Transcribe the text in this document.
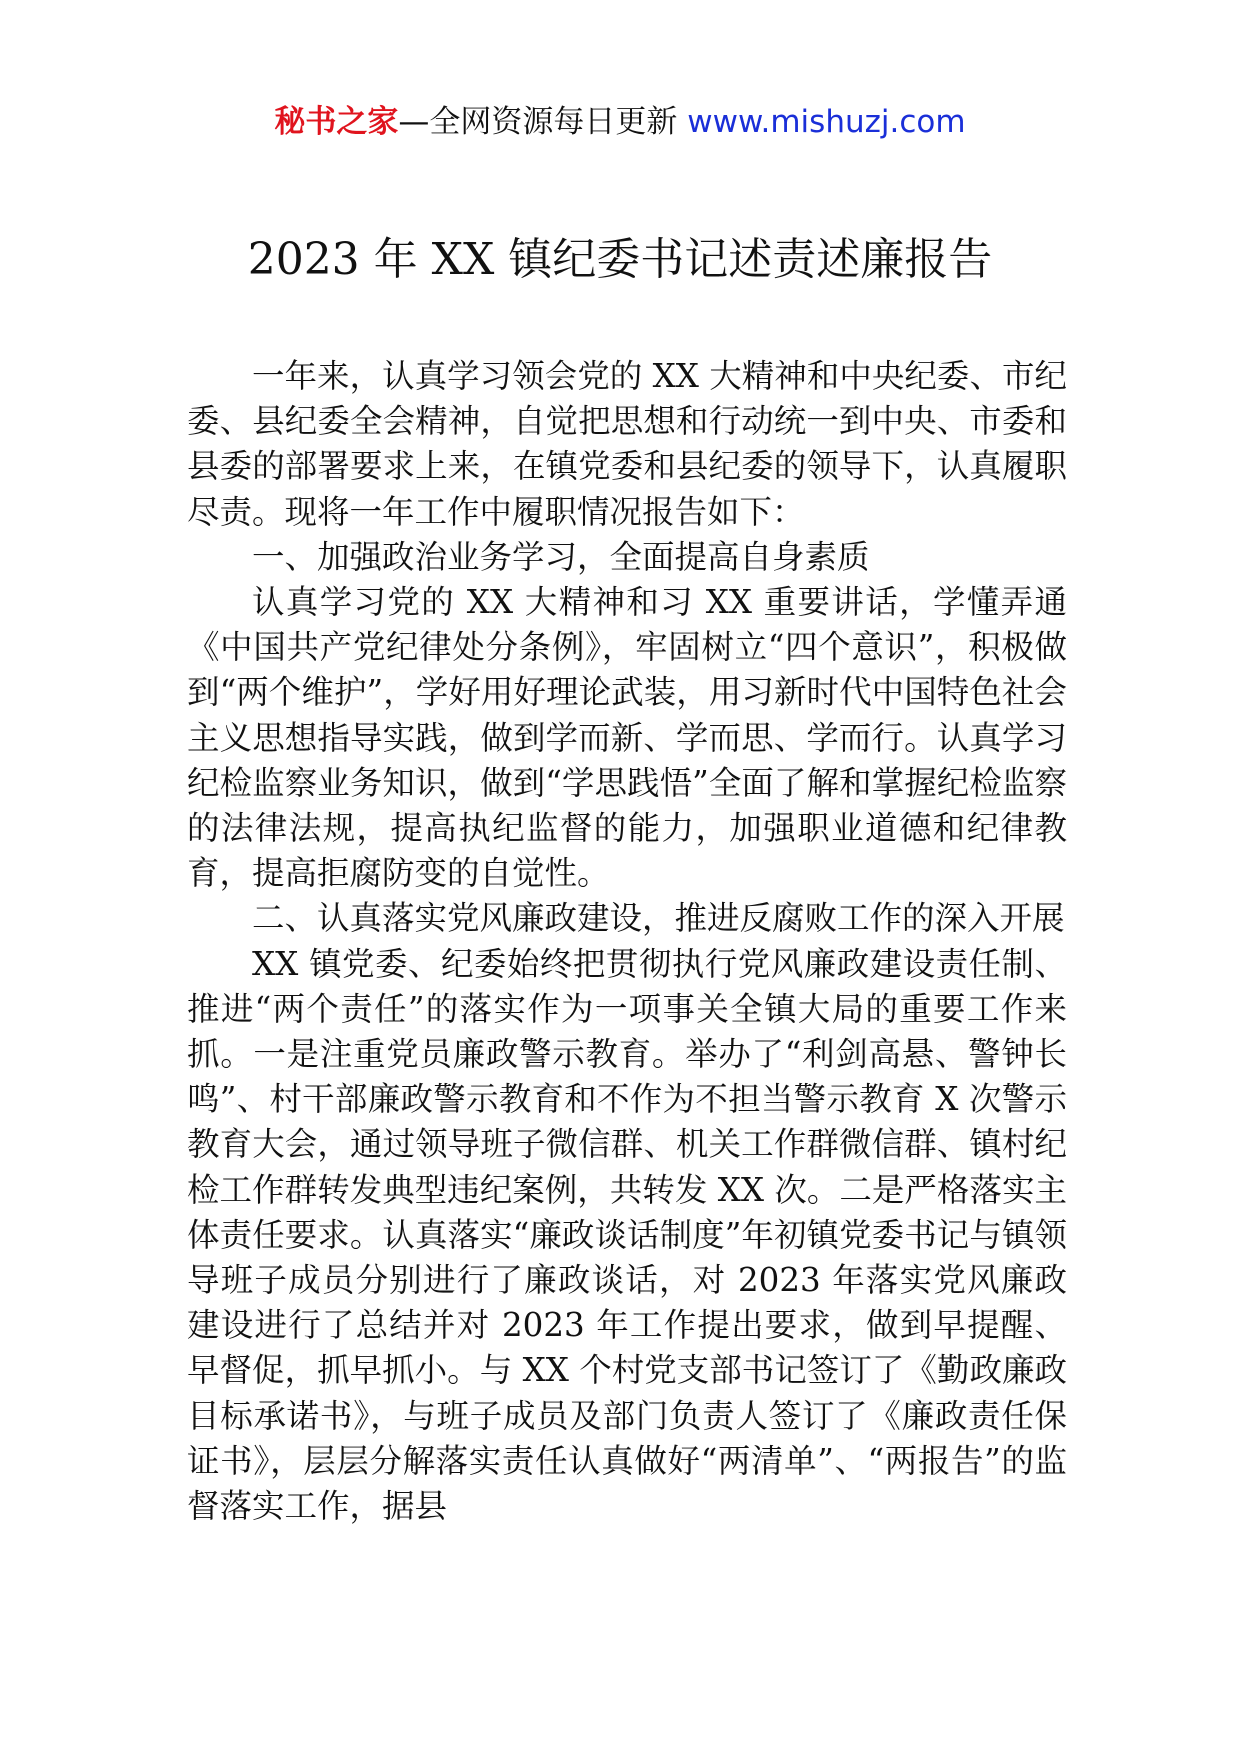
秘书之家—全网资源每日更新 www.mishuzj.com
2023 年 XX 镇纪委书记述责述廉报告

一年来，认真学习领会党的 XX 大精神和中央纪委、市纪委、县纪委全会精神，自觉把思想和行动统一到中央、市委和县委的部署要求上来，在镇党委和县纪委的领导下，认真履职尽责。现将一年工作中履职情况报告如下：

一、加强政治业务学习，全面提高自身素质

认真学习党的 XX 大精神和习 XX 重要讲话，学懂弄通《中国共产党纪律处分条例》，牢固树立“四个意识”，积极做到“两个维护”，学好用好理论武装，用习新时代中国特色社会主义思想指导实践，做到学而新、学而思、学而行。认真学习纪检监察业务知识，做到“学思践悟”全面了解和掌握纪检监察的法律法规，提高执纪监督的能力，加强职业道德和纪律教育，提高拒腐防变的自觉性。

二、认真落实党风廉政建设，推进反腐败工作的深入开展

XX 镇党委、纪委始终把贯彻执行党风廉政建设责任制、推进“两个责任”的落实作为一项事关全镇大局的重要工作来抓。一是注重党员廉政警示教育。举办了“利剑高悬、警钟长鸣”、村干部廉政警示教育和不作为不担当警示教育 X 次警示教育大会，通过领导班子微信群、机关工作群微信群、镇村纪检工作群转发典型违纪案例，共转发 XX 次。二是严格落实主体责任要求。认真落实“廉政谈话制度”年初镇党委书记与镇领导班子成员分别进行了廉政谈话，对 2023 年落实党风廉政建设进行了总结并对 2023 年工作提出要求，做到早提醒、早督促，抓早抓小。与 XX 个村党支部书记签订了《勤政廉政目标承诺书》，与班子成员及部门负责人签订了《廉政责任保证书》，层层分解落实责任认真做好“两清单”、“两报告”的监督落实工作，据县
